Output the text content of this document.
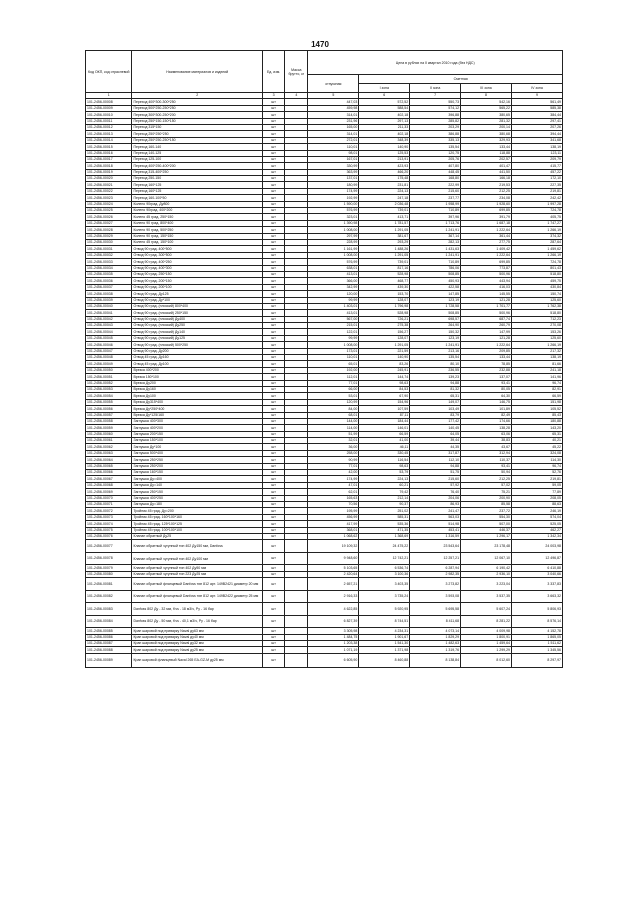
1470
Код ОКП, код отраслевой	Наименование материалов и изделий	Ед. изм.	Масса брутто, кг	Цена в рублях на II квартал 2010 года (без НДС)				
				отпускная	Сметная			
					I зона	II зона	III зона	IV зона
1	2	3	4	5	6	7	8	9
101-2456-00008	Переход 400*300-300*250	шт		447,03	572,52	550,73	542,16	561,49
101-2456-00009	Переход 500*250-250*250	шт		459,98	588,54	574,12	565,22	585,38
101-2456-00010	Переход 300*300-250*200	шт		314,01	402,18	396,88	380,65	384,44
101-2456-00011	Переход 250*150-150*150	шт		231,96	297,13	285,82	281,32	297,41
101-2456-00012	Переход 315*150	шт		165,00	211,33	203,29	200,14	207,26
101-2456-00013	Переход 250*250*250	шт		314,01	402,18	386,88	380,68	394,44
101-2456-00014	Переход 250*250-250*150	шт		272,01	348,39	335,13	329,93	341,68
101-2456-00015	Переход 160-140	шт		110,01	140,90	135,54	133,44	138,19
101-2456-00016	Переход 140-125	шт		98,01	125,53	120,75	118,88	123,11
101-2456-00017	Переход 125-100	шт		167,01	213,91	205,76	202,57	209,79
101-2456-00018	Переход 400*250-400*200	шт		330,99	423,93	407,80	401,47	415,77
101-2456-00019	Переход 315-400*250	шт		363,99	466,20	448,45	441,50	457,22
101-2456-00020	Переход 250-150	шт		137,01	175,48	168,80	166,18	172,10
101-2456-00021	Переход 160*125	шт		180,99	231,81	222,99	219,53	227,35
101-2456-00022	Переход 160*125	шт		174,99	224,13	215,60	212,25	219,81
101-2456-00023	Переход 160-100*50	шт		192,99	247,18	237,77	234,08	242,42
101-2456-00024	Колено 90град. Ду800	шт		1 590,00	2 036,48	1 958,99	1 928,60	1 997,28
101-2456-00025	Колено 90град. 400*200	шт		576,99	739,01	710,89	699,85	724,78
101-2456-00026	Колено 45 град. 250*150	шт		323,01	413,71	397,96	391,79	405,75
101-2456-00027	Колено 90 град. 800*400	шт		1 390,98	1 781,57	1 713,76	1 687,18	1 747,27
101-2456-00028	Колено 90 град. 500*250	шт		1 008,00	1 291,05	1 241,91	1 222,64	1 266,19
101-2456-00029	Колено 90 град. 150*150	шт		297,99	381,67	367,14	361,44	374,32
101-2456-00030	Колено 45 град. 150*100	шт		228,99	293,29	282,13	277,75	287,64
101-2456-00031	Отвод 90 град. 400*500	шт		1 161,99	1 488,26	1 431,63	1 409,42	1 459,62
101-2456-00032	Отвод 90 град. 300*500	шт		1 008,00	1 291,05	1 241,91	1 222,64	1 266,19
101-2456-00033	Отвод 90 град. 400*250	шт		576,99	739,01	710,89	699,85	724,78
101-2456-00034	Отвод 90 град. 400*300	шт		638,01	817,16	786,06	773,87	801,43
101-2456-00035	Отвод 90 град. 250*150	шт		413,01	528,98	508,85	500,96	518,80
101-2456-00036	Отвод 90 град. 200*150	шт		366,00	468,77	450,93	443,94	459,75
101-2456-00037	Отвод 90 град. 200*100	шт		342,99	439,30	422,58	416,03	430,84
101-2456-00038	Отвод 90 град. Ду125	шт		120,00	153,70	147,85	145,55	150,74
101-2456-00039	Отвод 90 град. Ду*100	шт		99,99	128,07	123,19	121,28	125,60
101-2456-00040	Отвод 90 град. (плоский) 800*400	шт		1 403,01	1 796,98	1 728,58	1 701,77	1 762,38
101-2456-00041	Отвод 90 град. (плоский) 250*150	шт		413,01	528,98	508,85	500,96	518,80
101-2456-00042	Отвод 90 град. (плоский) Ду400	шт		567,00	726,21	698,57	687,74	712,23
101-2456-00043	Отвод 90 град. (плоский) Ду250	шт		215,01	275,38	264,90	260,79	270,08
101-2456-00044	Отвод 90 град. (плоский) Ду140	шт		122,01	156,27	150,32	147,99	153,26
101-2456-00045	Отвод 90 град. (плоский) Ду125	шт		99,99	128,07	123,19	121,28	125,60
101-2456-00046	Отвод 90 град. (плоский) 500*250	шт		1 008,00	1 291,05	1 241,91	1 222,64	1 266,19
101-2456-00047	Отвод 90 град. Ду200	шт		173,01	221,59	213,16	209,85	217,32
101-2456-00048	Отвод 45 град. Ду160	шт		110,01	140,90	135,54	133,44	138,19
101-2456-00049	Отвод 45 град. Ду100	шт		65,01	83,26	80,10	78,85	81,66
101-2456-00050	Врезка 400*200	шт		192,00	245,91	236,55	232,88	241,18
101-2456-00051	Врезка 150*100	шт		112,01	144,74	139,23	137,07	141,96
101-2456-00052	Врезка Ду200	шт		77,01	98,63	94,88	93,41	96,74
101-2456-00053	Врезка Ду160	шт		66,00	84,53	81,32	80,05	82,91
101-2456-00054	Врезка Ду100	шт		53,01	67,90	65,31	64,30	66,59
101-2456-00055	Врезка Ду315*400	шт		120,99	154,96	149,07	146,75	151,98
101-2456-00056	Врезка Ду*250*400	шт		84,00	107,59	103,49	101,89	105,52
101-2456-00057	Врезка Ду*125/160	шт		68,01	87,11	83,79	82,49	85,43
101-2456-00058	Заглушка 400*300	шт		144,00	184,44	177,42	174,66	180,88
101-2456-00059	Заглушка 400*200	шт		114,00	146,01	140,45	138,28	143,20
101-2456-00060	Заглушка 200*150	шт		51,99	66,59	64,05	63,06	65,31
101-2456-00061	Заглушка 150*100	шт		32,01	41,00	39,44	38,83	40,21
101-2456-00062	Заглушка Ду*100	шт		36,00	46,11	44,35	43,67	45,22
101-2456-00063	Заглушка 500*400	шт		258,00	330,45	317,87	312,94	324,08
101-2456-00064	Заглушка 250*250	шт		90,99	116,54	112,10	110,37	114,30
101-2456-00065	Заглушка 250*200	шт		77,01	98,63	94,88	93,41	96,74
101-2456-00066	Заглушка 160*150	шт		42,00	53,79	51,75	50,94	52,76
101-2456-00067	Заглушка Ду=400	шт		174,99	224,13	215,60	212,25	219,81
101-2456-00068	Заглушка Ду=140	шт		47,01	60,21	57,92	57,02	59,05
101-2456-00069	Заглушка 250*150	шт		62,01	79,42	76,40	75,21	77,89
101-2456-00070	Заглушка 400*250	шт		165,63	212,14	204,06	200,90	208,05
101-2456-00071	Заглушка Ду=180	шт		70,56	90,37	86,93	85,58	88,63
101-2456-00072	Тройник 45 град. Ду=200	шт		195,99	251,02	241,47	237,72	246,19
101-2456-00073	Тройник 45 град. 160*100*160	шт		456,99	585,31	563,03	554,30	574,04
101-2456-00074	Тройник 45 град. 125*100*125	шт		417,99	535,36	514,98	507,00	525,05
101-2456-00075	Тройник 45 град. 100*100*100	шт		368,01	471,35	453,41	446,37	462,27
101-2456-00076	Клапан обратный Ду25	шт		1 068,62	1 368,69	1 316,59	1 296,17	1 342,34
101-2456-00077	Клапан обратный чугунный тип 402 Ду150 мм, Danfoss	шт		19 109,32	24 475,22	23 543,64	23 178,48	24 003,98
101-2456-00078	Клапан обратный чугунный тип 402 Ду100 мм	шт		9 948,60	12 742,21	12 257,21	12 067,10	12 496,87
101-2456-00079	Клапан обратный чугунный тип 402 Ду50 мм	шт		5 103,65	6 536,74	6 287,94	6 190,42	6 410,88
101-2456-00080	Клапан обратный чугунный тип 223 Ду25 мм	шт		2 420,64	3 100,36	2 982,35	2 936,10	3 040,66
101-2456-00081	Клапан обратный фланцевый Danfoss тип 812 арт. 149B2421 диаметр 20 мм	шт		2 657,21	3 403,35	3 273,82	3 223,04	3 337,83
101-2456-00082	Клапан обратный фланцевый Danfoss тип 812 арт. 149B2422 диаметр 25 мм	шт		2 916,33	3 735,24	3 593,08	3 537,35	3 663,32
101-2456-00083	Danfoss 802 Ду - 32 мм, Kvs - 18 м3/ч, Py - 16 бар	шт		4 622,85	5 920,95	5 695,58	5 607,24	5 806,93
101-2456-00084	Danfoss 802 Ду - 50 мм, Kvs - 40,1 м3/ч, Py - 16 бар	шт		6 827,39	8 744,51	8 411,68	8 281,22	8 576,14
101-2456-00085	Кран шаровой под приварку Naval ду63 мм	шт		3 305,98	4 234,31	4 073,14	4 009,98	4 152,78
101-2456-00086	Кран шаровой под приварку Naval ду40 мм	шт		1 484,75	1 901,67	1 829,29	1 800,91	1 865,05
101-2456-00087	Кран шаровой под приварку Naval ду32 мм	шт		1 203,38	1 541,30	1 482,63	1 459,64	1 511,62
101-2456-00088	Кран шаровой под приварку Naval ду25 мм	шт		1 071,19	1 371,98	1 319,76	1 299,29	1 345,56
101-2456-00089	Кран шаровой фланцевый Naval 265 ЕА-GZ-M ду25 мм	шт		6 605,90	8 460,88	8 138,84	8 012,60	8 297,97
